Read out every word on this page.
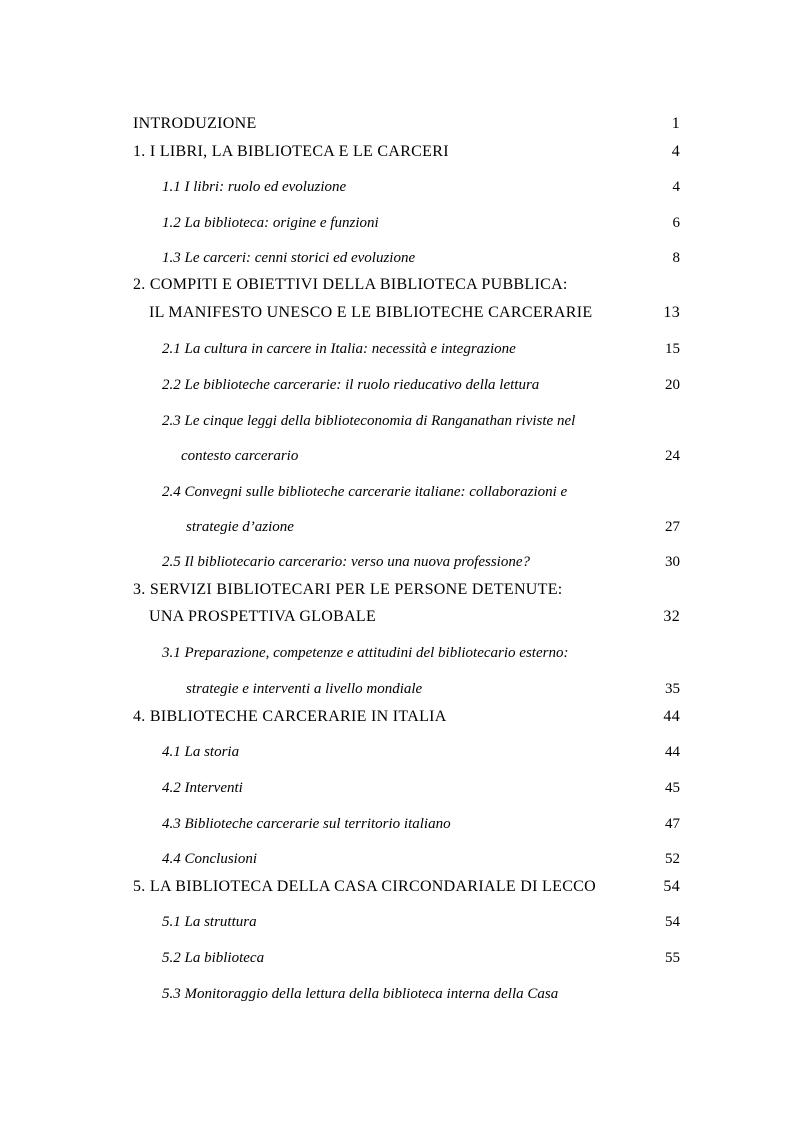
INTRODUZIONE	1
1. I LIBRI, LA BIBLIOTECA E LE CARCERI	4
1.1 I libri: ruolo ed evoluzione	4
1.2 La biblioteca: origine e funzioni	6
1.3 Le carceri: cenni storici ed evoluzione	8
2. COMPITI E OBIETTIVI DELLA BIBLIOTECA PUBBLICA:
IL MANIFESTO UNESCO E LE BIBLIOTECHE CARCERARIE	13
2.1 La cultura in carcere in Italia: necessità e integrazione	15
2.2 Le biblioteche carcerarie: il ruolo rieducativo della lettura	20
2.3 Le cinque leggi della biblioteconomia di Ranganathan riviste nel
contesto carcerario	24
2.4 Convegni sulle biblioteche carcerarie italiane: collaborazioni e
strategie d’azione	27
2.5 Il bibliotecario carcerario: verso una nuova professione?	30
3. SERVIZI BIBLIOTECARI PER LE PERSONE DETENUTE:
UNA PROSPETTIVA GLOBALE	32
3.1 Preparazione, competenze e attitudini del bibliotecario esterno:
strategie e interventi a livello mondiale	35
4. BIBLIOTECHE CARCERARIE IN ITALIA	44
4.1 La storia	44
4.2 Interventi	45
4.3 Biblioteche carcerarie sul territorio italiano	47
4.4 Conclusioni	52
5. LA BIBLIOTECA DELLA CASA CIRCONDARIALE DI LECCO	54
5.1 La struttura	54
5.2 La biblioteca	55
5.3 Monitoraggio della lettura della biblioteca interna della Casa
